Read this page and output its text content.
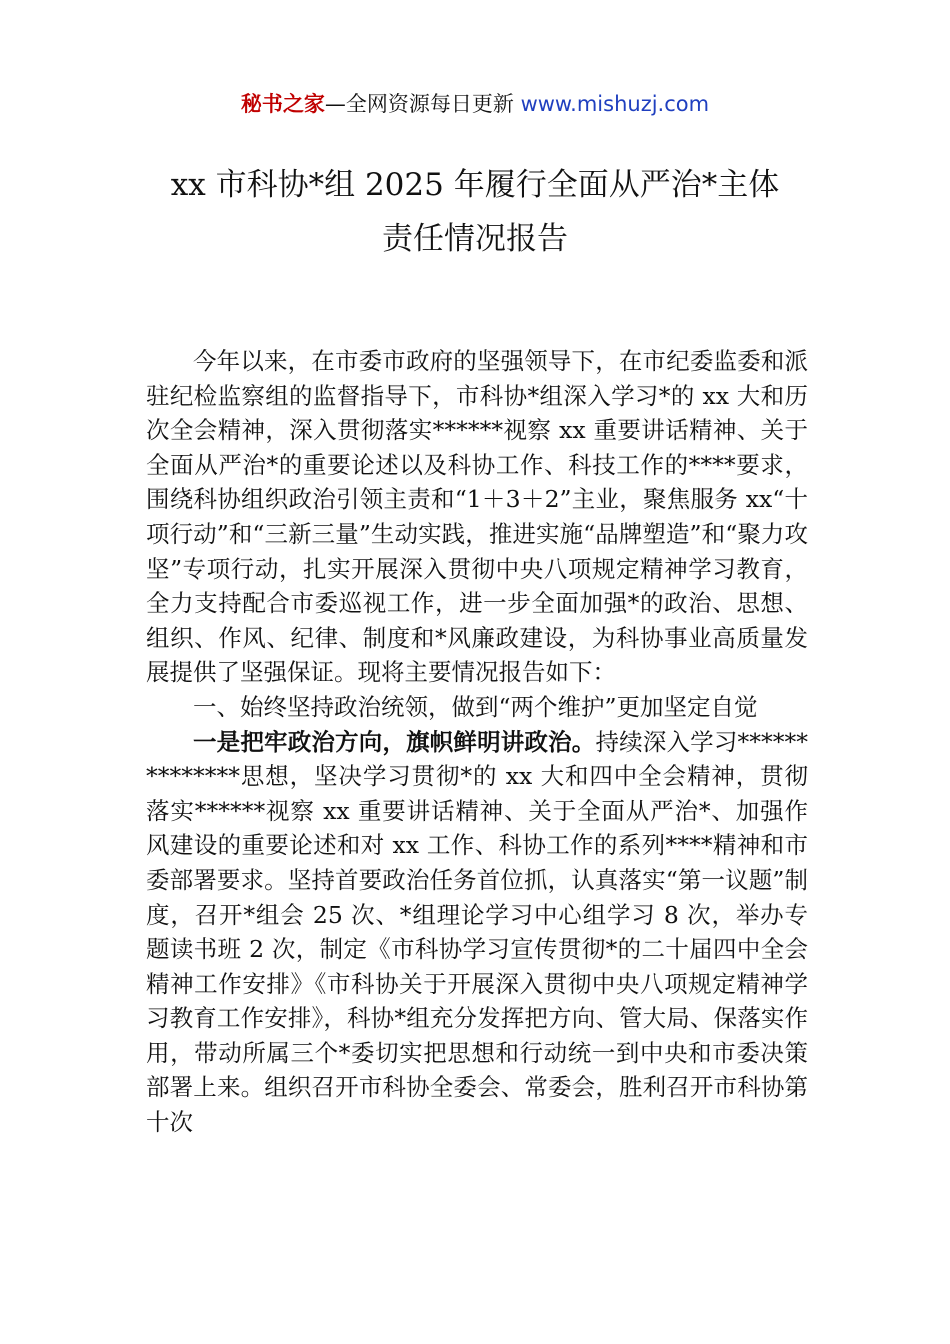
秘书之家—全网资源每日更新 www.mishuzj.com
xx 市科协*组 2025 年履行全面从严治*主体
责任情况报告

今年以来，在市委市政府的坚强领导下，在市纪委监委和派驻纪检监察组的监督指导下，市科协*组深入学习*的 xx 大和历次全会精神，深入贯彻落实******视察 xx 重要讲话精神、关于全面从严治*的重要论述以及科协工作、科技工作的****要求，围绕科协组织政治引领主责和“1＋3＋2”主业，聚焦服务 xx“十项行动”和“三新三量”生动实践，推进实施“品牌塑造”和“聚力攻坚”专项行动，扎实开展深入贯彻中央八项规定精神学习教育，全力支持配合市委巡视工作，进一步全面加强*的政治、思想、组织、作风、纪律、制度和*风廉政建设，为科协事业高质量发展提供了坚强保证。现将主要情况报告如下：

一、始终坚持政治统领，做到“两个维护”更加坚定自觉

一是把牢政治方向，旗帜鲜明讲政治。持续深入学习**************思想，坚决学习贯彻*的 xx 大和四中全会精神，贯彻落实******视察 xx 重要讲话精神、关于全面从严治*、加强作风建设的重要论述和对 xx 工作、科协工作的系列****精神和市委部署要求。坚持首要政治任务首位抓，认真落实“第一议题”制度，召开*组会 25 次、*组理论学习中心组学习 8 次，举办专题读书班 2 次，制定《市科协学习宣传贯彻*的二十届四中全会精神工作安排》《市科协关于开展深入贯彻中央八项规定精神学习教育工作安排》，科协*组充分发挥把方向、管大局、保落实作用，带动所属三个*委切实把思想和行动统一到中央和市委决策部署上来。组织召开市科协全委会、常委会，胜利召开市科协第十次
